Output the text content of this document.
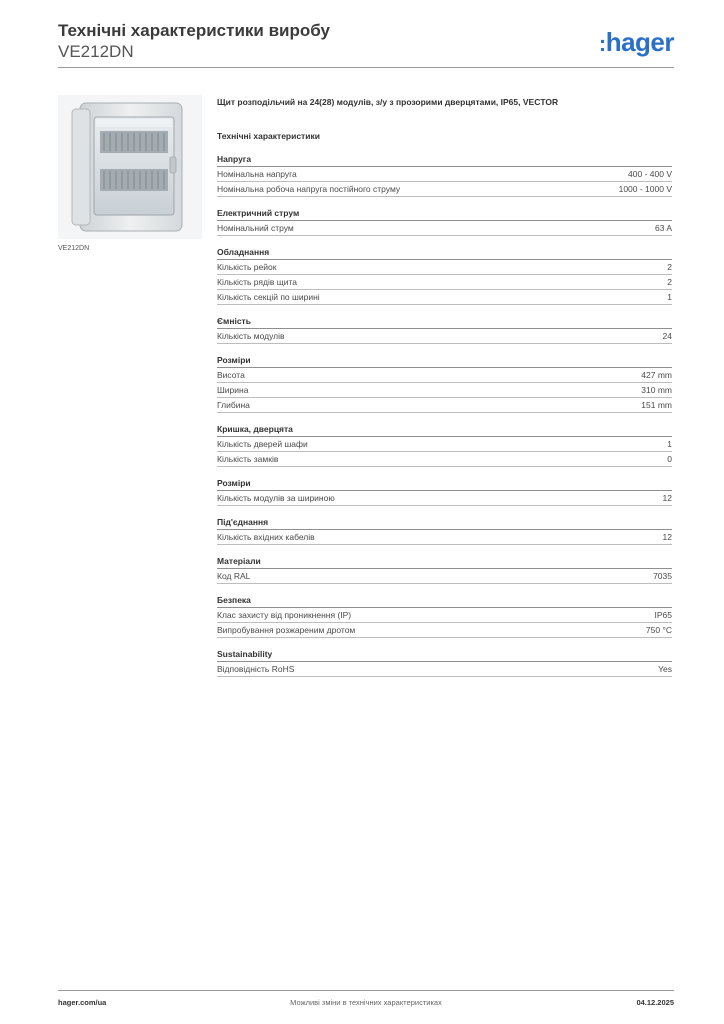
Технічні характеристики виробу
VE212DN	:hager
VE212DN
Щит розподільчий на 24(28) модулів, з/у з прозорими дверцятами, IP65, VECTOR
Технічні характеристики
Напруга
Номінальна напруга	400 - 400 V
Номінальна робоча напруга постійного струму	1000 - 1000 V
Електричний струм
Номінальний струм	63 A
Обладнання
Кількість рейок	2
Кількість рядів щита	2
Кількість секцій по ширині	1
Ємність
Кількість модулів	24
Розміри
Висота	427 mm
Ширина	310 mm
Глибина	151 mm
Кришка, дверцята
Кількість дверей шафи	1
Кількість замків	0
Розміри
Кількість модулів за шириною	12
Під'єднання
Кількість вхідних кабелів	12
Матеріали
Код RAL	7035
Безпека
Клас захисту від проникнення (IP)	IP65
Випробування розжареним дротом	750 °C
Sustainability
Відповідність RoHS	Yes
hager.com/ua	Можливі зміни в технічних характеристиках	04.12.2025
